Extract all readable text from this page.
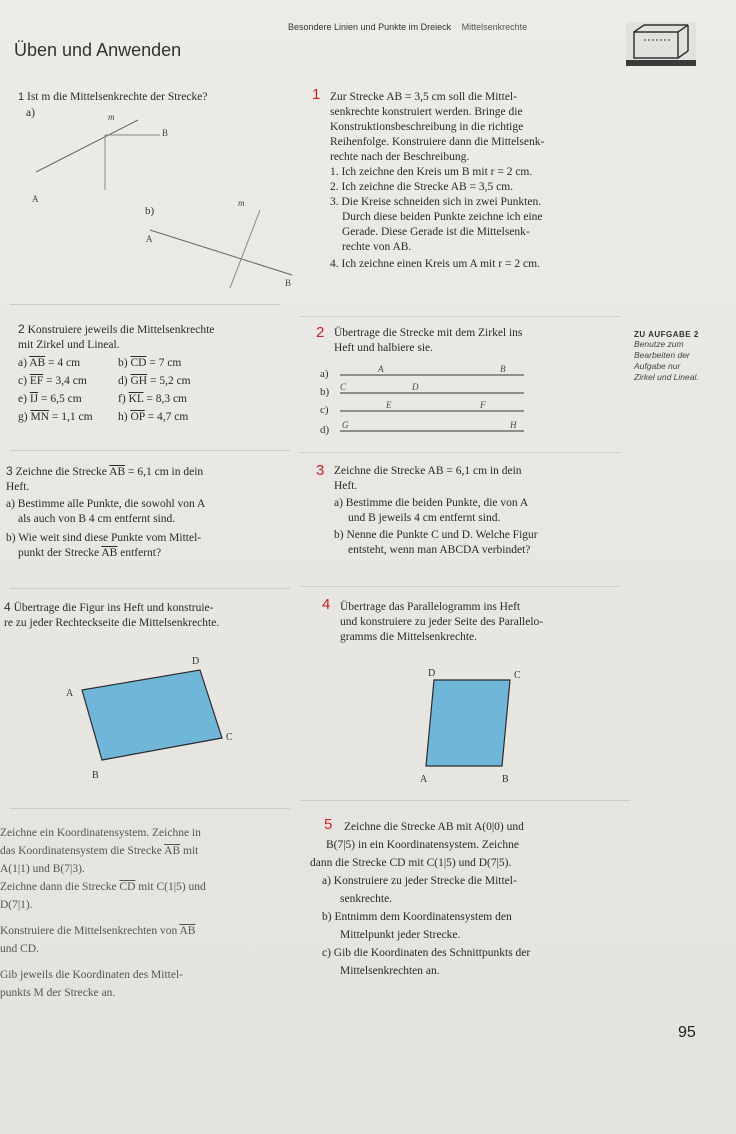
Besondere Linien und Punkte im Dreieck Mittelsenkrechte
Üben und Anwenden
1 Ist m die Mittelsenkrechte der Strecke?
a)	m
B
A
b)
m
A
B
2 Konstruiere jeweils die Mittelsenkrechte
mit Zirkel und Lineal.
a) $\overline{AB} = 4$ cm	b) $\overline{CD} = 7$ cm
c) $\overline{EF} = 3,4$ cm	d) $\overline{GH} = 5,2$ cm
e) $\overline{IJ} = 6,5$ cm	f) $\overline{KL} = 8,3$ cm
g) $\overline{MN} = 1,1$ cm	h) $\overline{OP} = 4,7$ cm
3 Zeichne die Strecke $\overline{AB} = 6,1$ cm in dein
Heft.
a) Bestimme alle Punkte, die sowohl von A
als auch von B 4 cm entfernt sind.
b) Wie weit sind diese Punkte vom Mittel-
punkt der Strecke $\overline{AB}$ entfernt?
4 Übertrage die Figur ins Heft und konstruie-
re zu jeder Rechteckseite die Mittelsenkrechte.
D
A
C
B
Zeichne ein Koordinatensystem. Zeichne in
das Koordinatensystem die Strecke $\overline{AB}$ mit
A(1|1) und B(7|3).
Zeichne dann die Strecke $\overline{CD}$ mit C(1|5) und
D(7|1).
Konstruiere die Mittelsenkrechten von $\overline{AB}$
und CD.
Gib jeweils die Koordinaten des Mittel-
punkts M der Strecke an.
1 Zur Strecke AB = 3,5 cm soll die Mittel-
senkrechte konstruiert werden. Bringe die
Konstruktionsbeschreibung in die richtige
Reihenfolge. Konstruiere dann die Mittelsenk-
rechte nach der Beschreibung.
1. Ich zeichne den Kreis um B mit r = 2 cm.
2. Ich zeichne die Strecke AB = 3,5 cm.
3. Die Kreise schneiden sich in zwei Punkten.
Durch diese beiden Punkte zeichne ich eine
Gerade. Diese Gerade ist die Mittelsenk-
rechte von AB.
4. Ich zeichne einen Kreis um A mit r = 2 cm.
2 Übertrage die Strecke mit dem Zirkel ins
Heft und halbiere sie.
a)	A	B
b) C	D
c)	E	F
d) G	H
ZU AUFGABE 2
Benutze zum
Bearbeiten der
Aufgabe nur
Zirkel und Lineal.
3 Zeichne die Strecke AB = 6,1 cm in dein
Heft.
a) Bestimme die beiden Punkte, die von A
und B jeweils 4 cm entfernt sind.
b) Nenne die Punkte C und D. Welche Figur
entsteht, wenn man ABCDA verbindet?
4 Übertrage das Parallelogramm ins Heft
und konstruiere zu jeder Seite des Parallelo-
gramms die Mittelsenkrechte.
D	C
A	B
5 Zeichne die Strecke AB mit A(0|0) und
B(7|5) in ein Koordinatensystem. Zeichne
dann die Strecke CD mit C(1|5) und D(7|5).
a) Konstruiere zu jeder Strecke die Mittel-
senkrechte.
b) Entnimm dem Koordinatensystem den
Mittelpunkt jeder Strecke.
c) Gib die Koordinaten des Schnittpunkts der
Mittelsenkrechten an.
95
